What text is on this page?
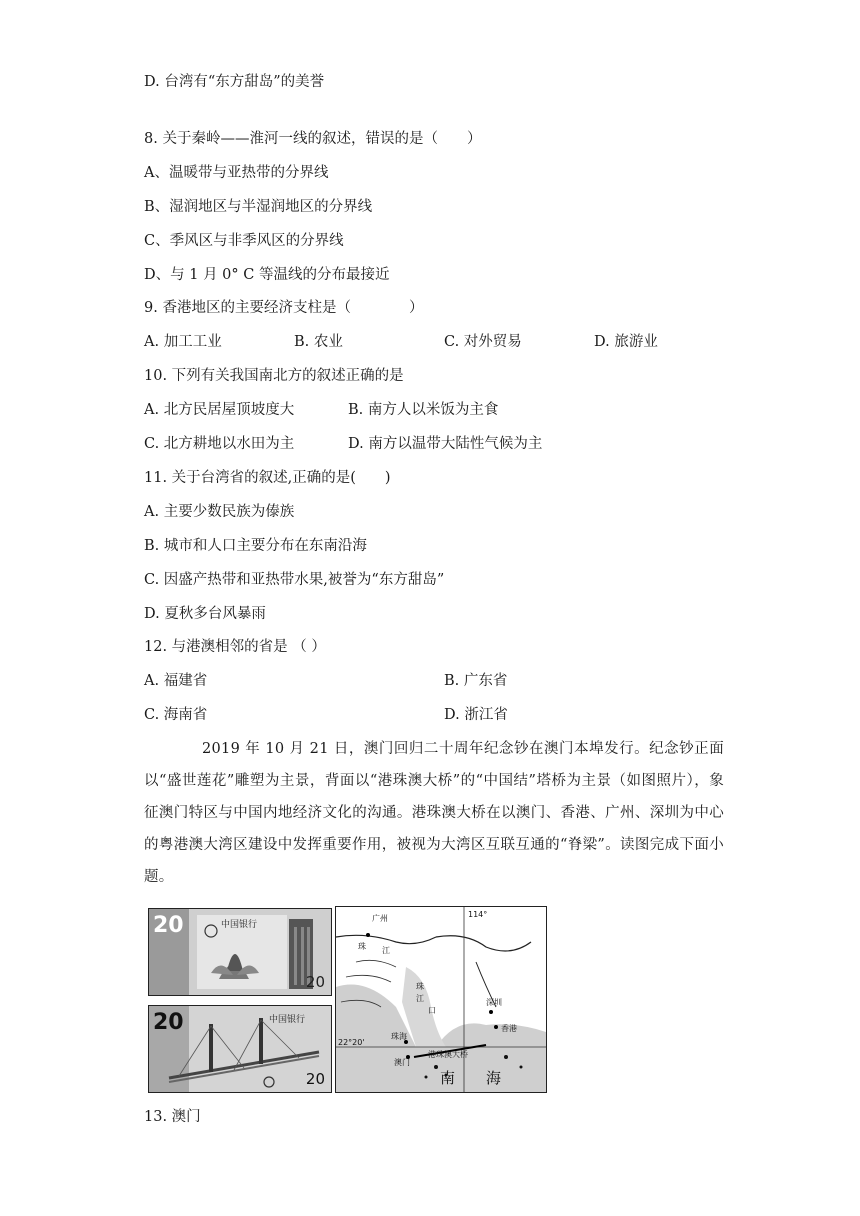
D. 台湾有“东方甜岛”的美誉
8. 关于秦岭——淮河一线的叙述，错误的是（　　）
A、温暖带与亚热带的分界线
B、湿润地区与半湿润地区的分界线
C、季风区与非季风区的分界线
D、与 1 月 0° C 等温线的分布最接近
9. 香港地区的主要经济支柱是（　　　　）
A. 加工工业	B. 农业	C. 对外贸易	D. 旅游业
10. 下列有关我国南北方的叙述正确的是
A. 北方民居屋顶坡度大	B. 南方人以米饭为主食
C. 北方耕地以水田为主	D. 南方以温带大陆性气候为主
11. 关于台湾省的叙述,正确的是(　　)
A. 主要少数民族为傣族
B. 城市和人口主要分布在东南沿海
C. 因盛产热带和亚热带水果,被誉为“东方甜岛”
D. 夏秋多台风暴雨
12. 与港澳相邻的省是 （ ）
A. 福建省	B. 广东省
C. 海南省	D. 浙江省
2019 年 10 月 21 日，澳门回归二十周年纪念钞在澳门本埠发行。纪念钞正面以“盛世莲花”雕塑为主景，背面以“港珠澳大桥”的“中国结”塔桥为主景（如图照片），象征澳门特区与中国内地经济文化的沟通。港珠澳大桥在以澳门、香港、广州、深圳为中心的粤港澳大湾区建设中发挥重要作用，被视为大湾区互联互通的“脊梁”。读图完成下面小题。
20	中国银行
20
20	中国银行
20
广州	114°
22°20'
珠 江
珠
江
口
深圳
香港
珠海
澳门
港珠澳大桥
南 海
13. 澳门
